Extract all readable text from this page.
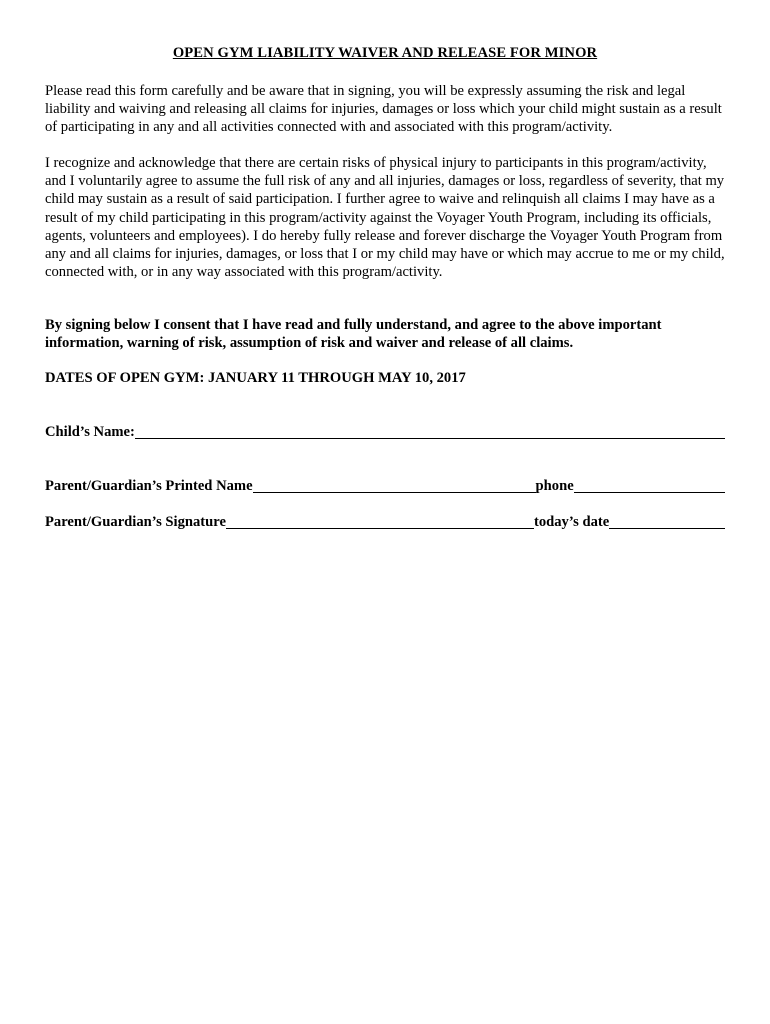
OPEN GYM LIABILITY WAIVER AND RELEASE FOR MINOR

Please read this form carefully and be aware that in signing, you will be expressly assuming the risk and legal liability and waiving and releasing all claims for injuries, damages or loss which your child might sustain as a result of participating in any and all activities connected with and associated with this program/activity.

I recognize and acknowledge that there are certain risks of physical injury to participants in this program/activity, and I voluntarily agree to assume the full risk of any and all injuries, damages or loss, regardless of severity, that my child may sustain as a result of said participation. I further agree to waive and relinquish all claims I may have as a result of my child participating in this program/activity against the Voyager Youth Program, including its officials, agents, volunteers and employees). I do hereby fully release and forever discharge the Voyager Youth Program from any and all claims for injuries, damages, or loss that I or my child may have or which may accrue to me or my child, connected with, or in any way associated with this program/activity.

By signing below I consent that I have read and fully understand, and agree to the above important information, warning of risk, assumption of risk and waiver and release of all claims.

DATES OF OPEN GYM: JANUARY 11 THROUGH MAY 10, 2017
Child’s Name:
Parent/Guardian’s Printed Name	phone
Parent/Guardian’s Signature	today’s date
